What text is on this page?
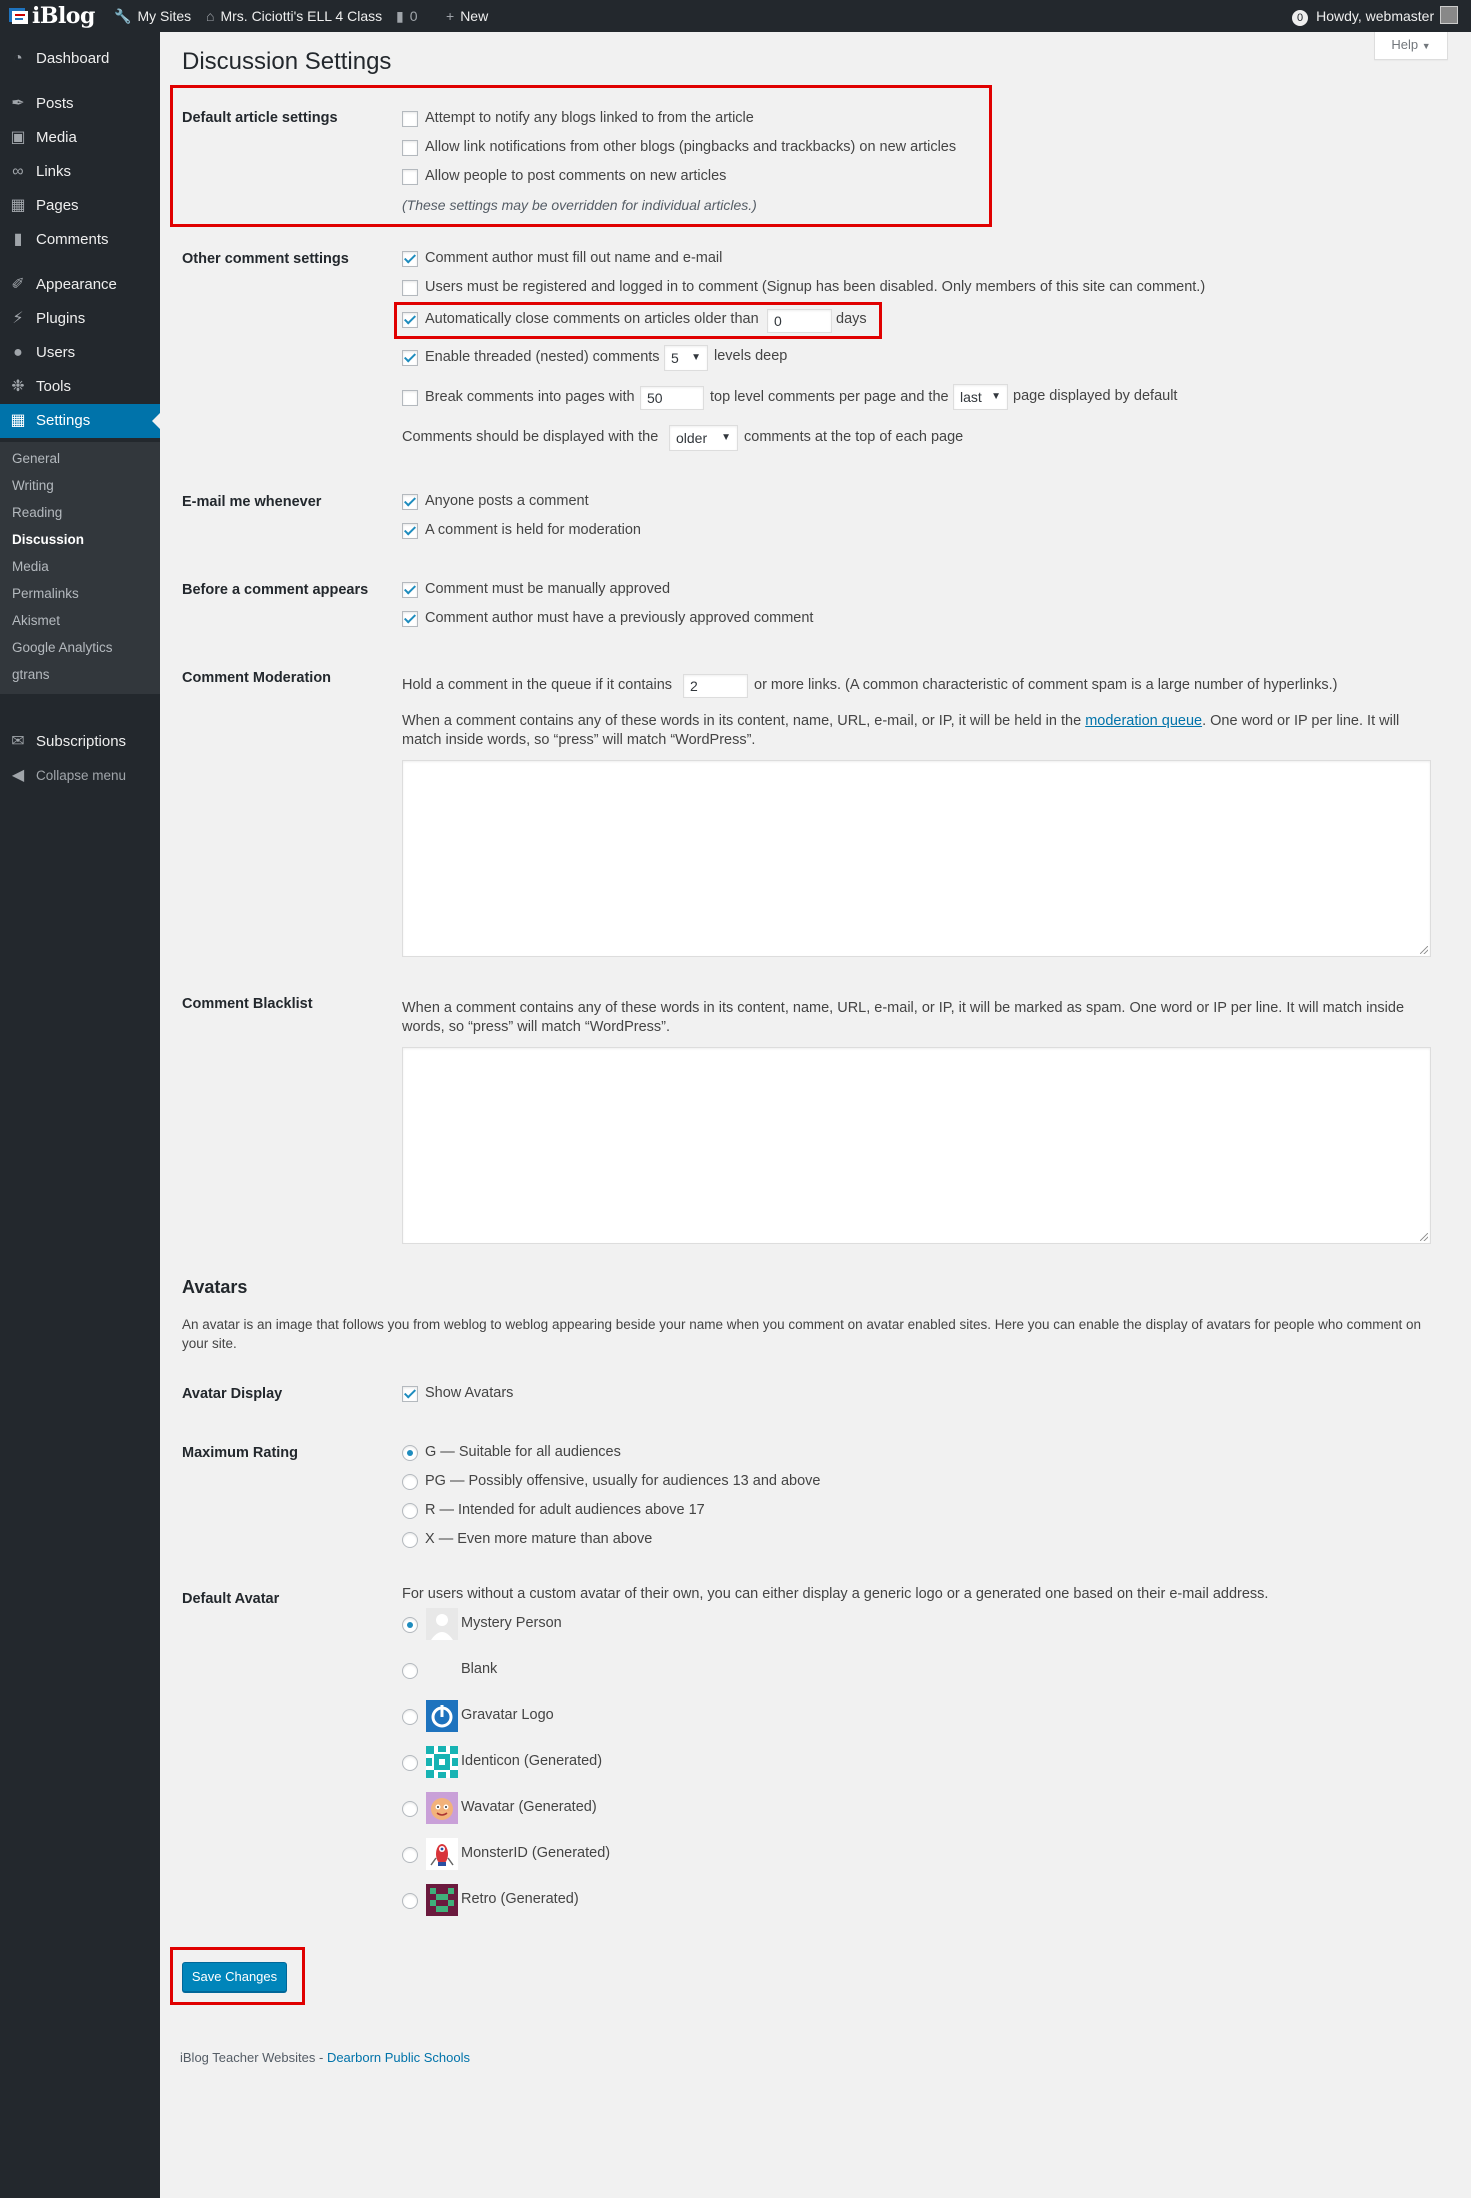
iBlog 🔧 My Sites ⌂ Mrs. Ciciotti's ELL 4 Class ▮ 0 + New	0 Howdy, webmaster
◔ Dashboard
✒ Posts
▣ Media
∞ Links
▦ Pages
▮ Comments
✐ Appearance
⚡ Plugins
● Users
❉ Tools
▦ Settings
✉ Subscriptions
◀ Collapse menu
General
Writing
Reading
Discussion
Media
Permalinks
Akismet
Google Analytics
gtrans
Discussion Settings
Help ▼
Default article settings	Attempt to notify any blogs linked to from the article
Allow link notifications from other blogs (pingbacks and trackbacks) on new articles
Allow people to post comments on new articles
(These settings may be overridden for individual articles.)
Other comment settings	Comment author must fill out name and e-mail
Users must be registered and logged in to comment (Signup has been disabled. Only members of this site can comment.)
Automatically close comments on articles older than	0	days
Enable threaded (nested) comments 5 ▼ levels deep
Break comments into pages with 50	top level comments per page and the last ▼ page displayed by default
Comments should be displayed with the	older ▼ comments at the top of each page
E-mail me whenever	Anyone posts a comment
A comment is held for moderation
Before a comment appears	Comment must be manually approved
Comment author must have a previously approved comment
Comment Moderation	Hold a comment in the queue if it contains	2	or more links. (A common characteristic of comment spam is a large number of hyperlinks.)
When a comment contains any of these words in its content, name, URL, e-mail, or IP, it will be held in the moderation queue. One word or IP per line. It will
match inside words, so “press” will match “WordPress”.
Comment Blacklist	When a comment contains any of these words in its content, name, URL, e-mail, or IP, it will be marked as spam. One word or IP per line. It will match inside
words, so “press” will match “WordPress”.
Avatars
An avatar is an image that follows you from weblog to weblog appearing beside your name when you comment on avatar enabled sites. Here you can enable the display of avatars for people who comment on
your site.
Avatar Display	Show Avatars
Maximum Rating	G — Suitable for all audiences
PG — Possibly offensive, usually for audiences 13 and above
R — Intended for adult audiences above 17
X — Even more mature than above
Default Avatar	For users without a custom avatar of their own, you can either display a generic logo or a generated one based on their e-mail address.
Mystery Person
Blank
Gravatar Logo
Identicon (Generated)
Wavatar (Generated)
MonsterID (Generated)
Retro (Generated)
Save Changes
iBlog Teacher Websites - Dearborn Public Schools
